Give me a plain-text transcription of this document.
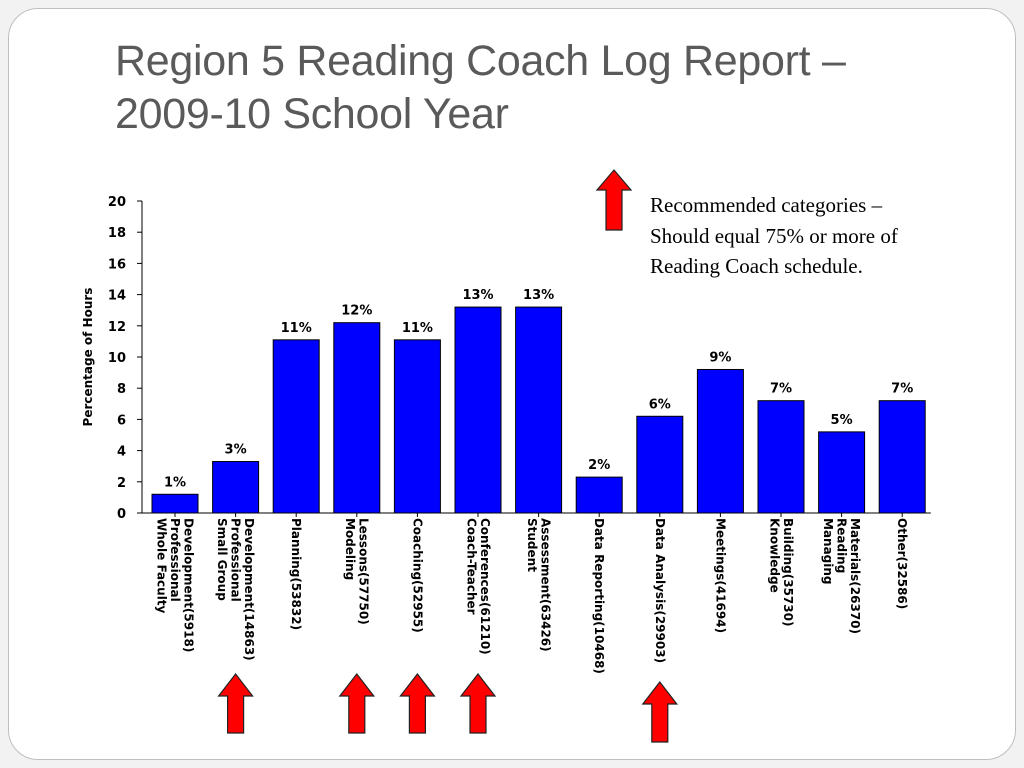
Region 5 Reading Coach Log Report –
2009-10 School Year
Recommended categories –
Should equal 75% or more of
Reading Coach schedule.
0
2
4
6
8
10
12
14
16
18
20
Percentage of Hours
1%
Whole FacultyProfessionalDevelopment(5918)
3%
Small GroupProfessionalDevelopment(14863)
11%
Planning(53832)
12%
ModelingLessons(57750)
11%
Coaching(52955)
13%
Coach-TeacherConferences(61210)
13%
StudentAssessment(63426)
2%
Data Reporting(10468)
6%
Data Analysis(29903)
9%
Meetings(41694)
7%
KnowledgeBuilding(35730)
5%
ManagingReadingMaterials(26370)
7%
Other(32586)
